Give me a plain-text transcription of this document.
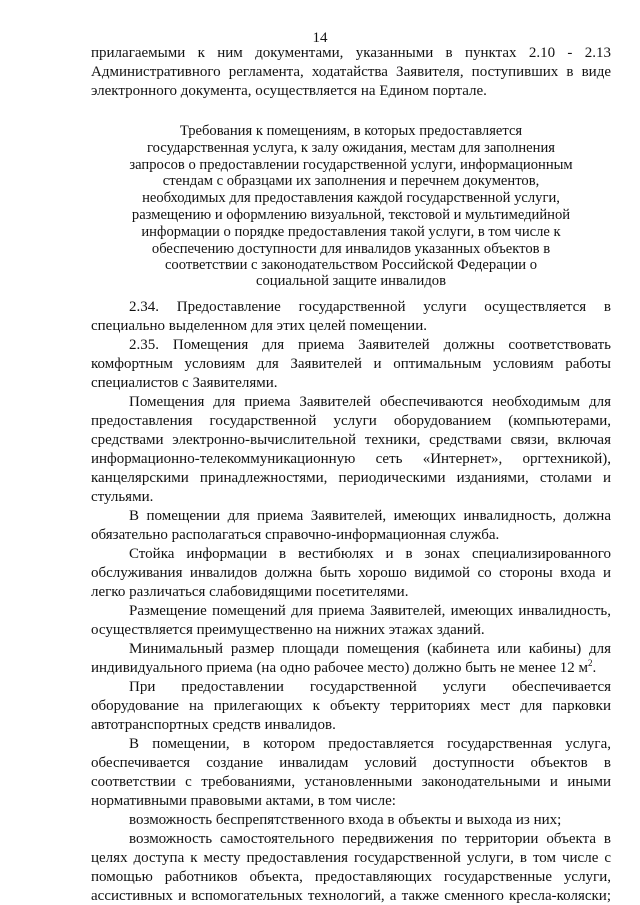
14
прилагаемыми к ним документами, указанными в пунктах 2.10 - 2.13
Административного регламента, ходатайства Заявителя, поступивших в виде
электронного документа, осуществляется на Едином портале.
Требования к помещениям, в которых предоставляется
государственная услуга, к залу ожидания, местам для заполнения
запросов о предоставлении государственной услуги, информационным
стендам с образцами их заполнения и перечнем документов,
необходимых для предоставления каждой государственной услуги,
размещению и оформлению визуальной, текстовой и мультимедийной
информации о порядке предоставления такой услуги, в том числе к
обеспечению доступности для инвалидов указанных объектов в
соответствии с законодательством Российской Федерации о
социальной защите инвалидов
2.34. Предоставление государственной услуги осуществляется в
специально выделенном для этих целей помещении.
2.35. Помещения для приема Заявителей должны соответствовать
комфортным условиям для Заявителей и оптимальным условиям работы
специалистов с Заявителями.
Помещения для приема Заявителей обеспечиваются необходимым для
предоставления государственной услуги оборудованием (компьютерами,
средствами электронно-вычислительной техники, средствами связи, включая
информационно-телекоммуникационную сеть «Интернет», оргтехникой),
канцелярскими принадлежностями, периодическими изданиями, столами и
стульями.
В помещении для приема Заявителей, имеющих инвалидность, должна
обязательно располагаться справочно-информационная служба.
Стойка информации в вестибюлях и в зонах специализированного
обслуживания инвалидов должна быть хорошо видимой со стороны входа и
легко различаться слабовидящими посетителями.
Размещение помещений для приема Заявителей, имеющих инвалидность,
осуществляется преимущественно на нижних этажах зданий.
Минимальный размер площади помещения (кабинета или кабины) для
индивидуального приема (на одно рабочее место) должно быть не менее 12 $м^2$.
При предоставлении государственной услуги обеспечивается
оборудование на прилегающих к объекту территориях мест для парковки
автотранспортных средств инвалидов.
В помещении, в котором предоставляется государственная услуга,
обеспечивается создание инвалидам условий доступности объектов в
соответствии с требованиями, установленными законодательными и иными
нормативными правовыми актами, в том числе:
возможность беспрепятственного входа в объекты и выхода из них;
возможность самостоятельного передвижения по территории объекта в
целях доступа к месту предоставления государственной услуги, в том числе с
помощью работников объекта, предоставляющих государственные услуги,
ассистивных и вспомогательных технологий, а также сменного кресла-коляски;
